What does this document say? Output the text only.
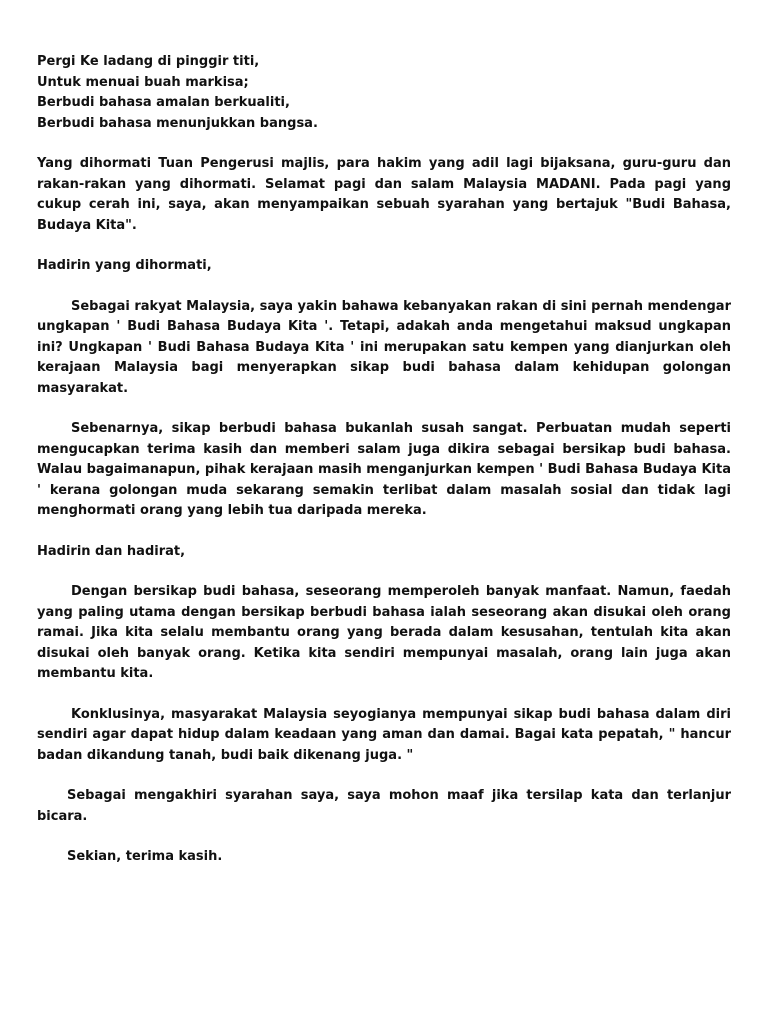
Pergi Ke ladang di pinggir titi,
Untuk menuai buah markisa;
Berbudi bahasa amalan berkualiti,
Berbudi bahasa menunjukkan bangsa.

Yang dihormati Tuan Pengerusi majlis, para hakim yang adil lagi bijaksana, guru-guru dan rakan-rakan yang dihormati. Selamat pagi dan salam Malaysia MADANI. Pada pagi yang cukup cerah ini, saya, akan menyampaikan sebuah syarahan yang bertajuk "Budi Bahasa, Budaya Kita".

Hadirin yang dihormati,

Sebagai rakyat Malaysia, saya yakin bahawa kebanyakan rakan di sini pernah mendengar ungkapan ' Budi Bahasa Budaya Kita '. Tetapi, adakah anda mengetahui maksud ungkapan ini? Ungkapan ' Budi Bahasa Budaya Kita ' ini merupakan satu kempen yang dianjurkan oleh kerajaan Malaysia bagi menyerapkan sikap budi bahasa dalam kehidupan golongan masyarakat.

Sebenarnya, sikap berbudi bahasa bukanlah susah sangat. Perbuatan mudah seperti mengucapkan terima kasih dan memberi salam juga dikira sebagai bersikap budi bahasa. Walau bagaimanapun, pihak kerajaan masih menganjurkan kempen ' Budi Bahasa Budaya Kita ' kerana golongan muda sekarang semakin terlibat dalam masalah sosial dan tidak lagi menghormati orang yang lebih tua daripada mereka.

Hadirin dan hadirat,

Dengan bersikap budi bahasa, seseorang memperoleh banyak manfaat. Namun, faedah yang paling utama dengan bersikap berbudi bahasa ialah seseorang akan disukai oleh orang ramai. Jika kita selalu membantu orang yang berada dalam kesusahan, tentulah kita akan disukai oleh banyak orang. Ketika kita sendiri mempunyai masalah, orang lain juga akan membantu kita.

Konklusinya, masyarakat Malaysia seyogianya mempunyai sikap budi bahasa dalam diri sendiri agar dapat hidup dalam keadaan yang aman dan damai. Bagai kata pepatah, " hancur badan dikandung tanah, budi baik dikenang juga. "

Sebagai mengakhiri syarahan saya, saya mohon maaf jika tersilap kata dan terlanjur bicara.

Sekian, terima kasih.
